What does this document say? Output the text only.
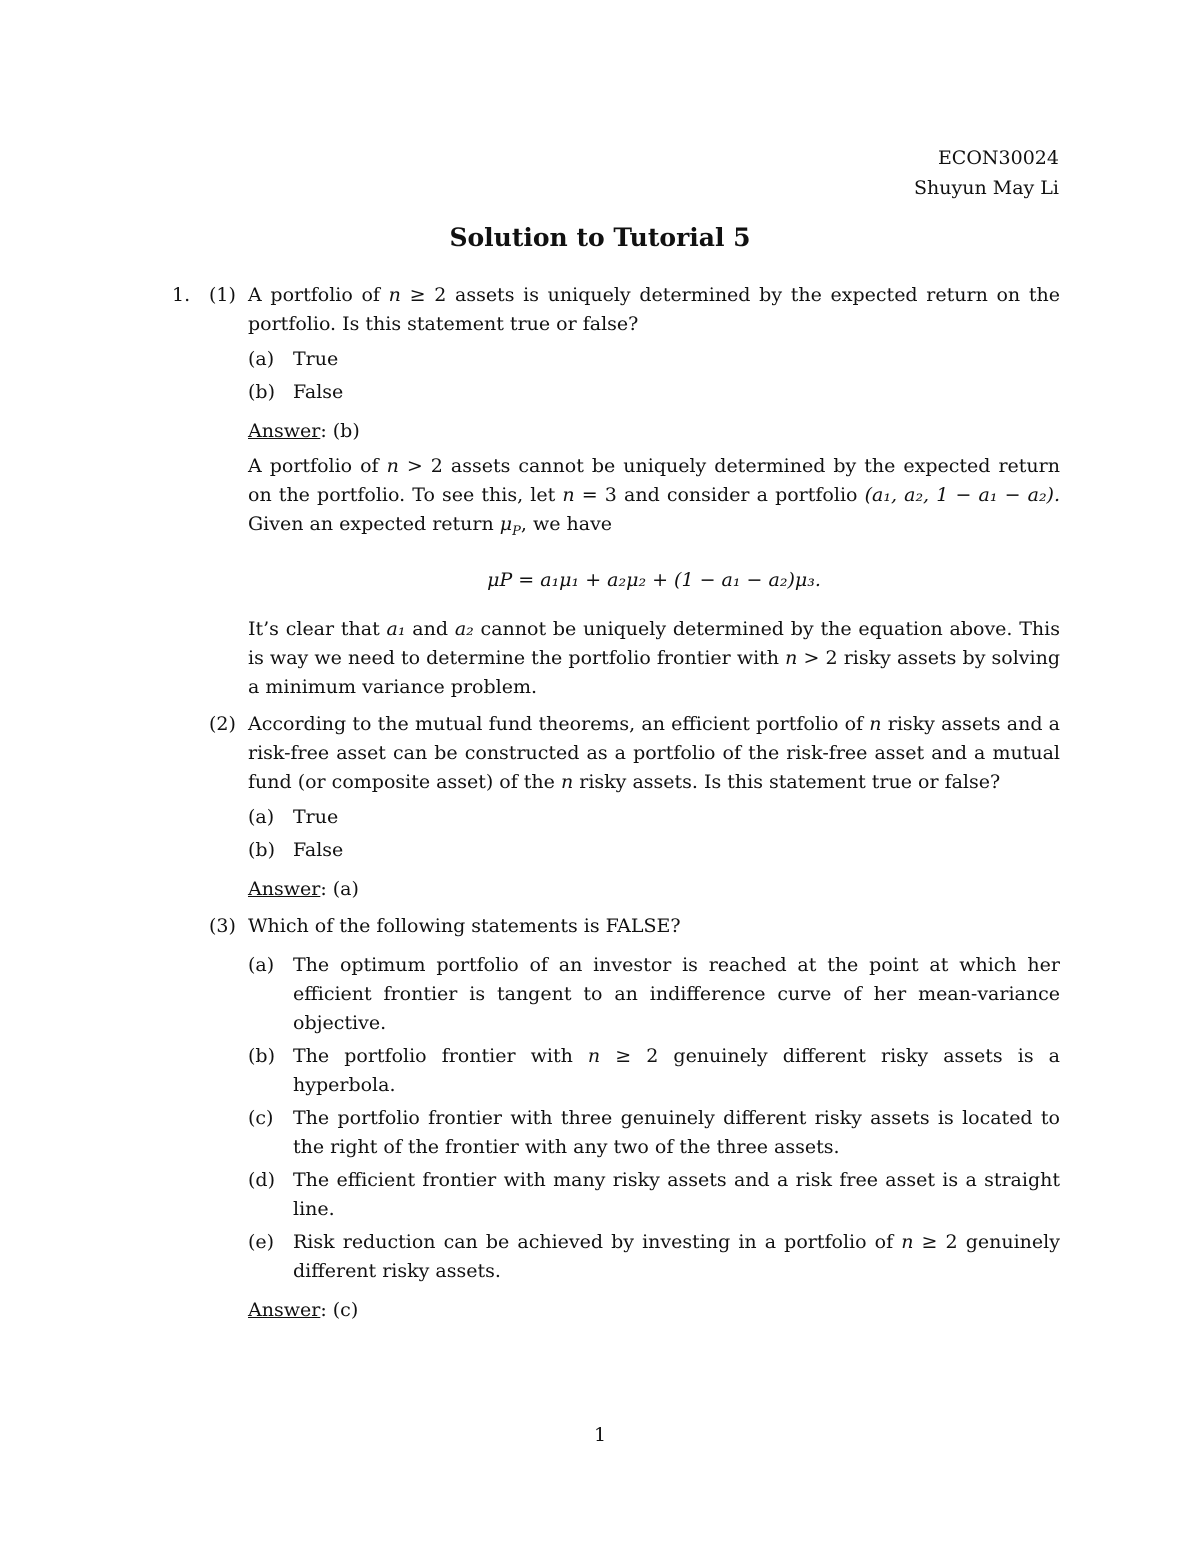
ECON30024
Shuyun May Li
Solution to Tutorial 5
1. (1) A portfolio of n ≥ 2 assets is uniquely determined by the expected return on the portfolio. Is this statement true or false?

(a) True
(b) False

Answer: (b)

A portfolio of n > 2 assets cannot be uniquely determined by the expected return on the portfolio. To see this, let n = 3 and consider a portfolio (a₁, a₂, 1 − a₁ − a₂). Given an expected return $\mu_P$, we have

μP = a₁μ₁ + a₂μ₂ + (1 − a₁ − a₂)μ₃.

It’s clear that a₁ and a₂ cannot be uniquely determined by the equation above. This is way we need to determine the portfolio frontier with n > 2 risky assets by solving a minimum variance problem.

(2) According to the mutual fund theorems, an efficient portfolio of n risky assets and a risk-free asset can be constructed as a portfolio of the risk-free asset and a mutual fund (or composite asset) of the n risky assets. Is this statement true or false?

(a) True
(b) False

Answer: (a)

(3) Which of the following statements is FALSE?

(a) The optimum portfolio of an investor is reached at the point at which her efficient frontier is tangent to an indifference curve of her mean-variance objective.
(b) The portfolio frontier with n ≥ 2 genuinely different risky assets is a hyperbola.
(c) The portfolio frontier with three genuinely different risky assets is located to the right of the frontier with any two of the three assets.
(d) The efficient frontier with many risky assets and a risk free asset is a straight line.
(e) Risk reduction can be achieved by investing in a portfolio of n ≥ 2 genuinely different risky assets.

Answer: (c)

1
